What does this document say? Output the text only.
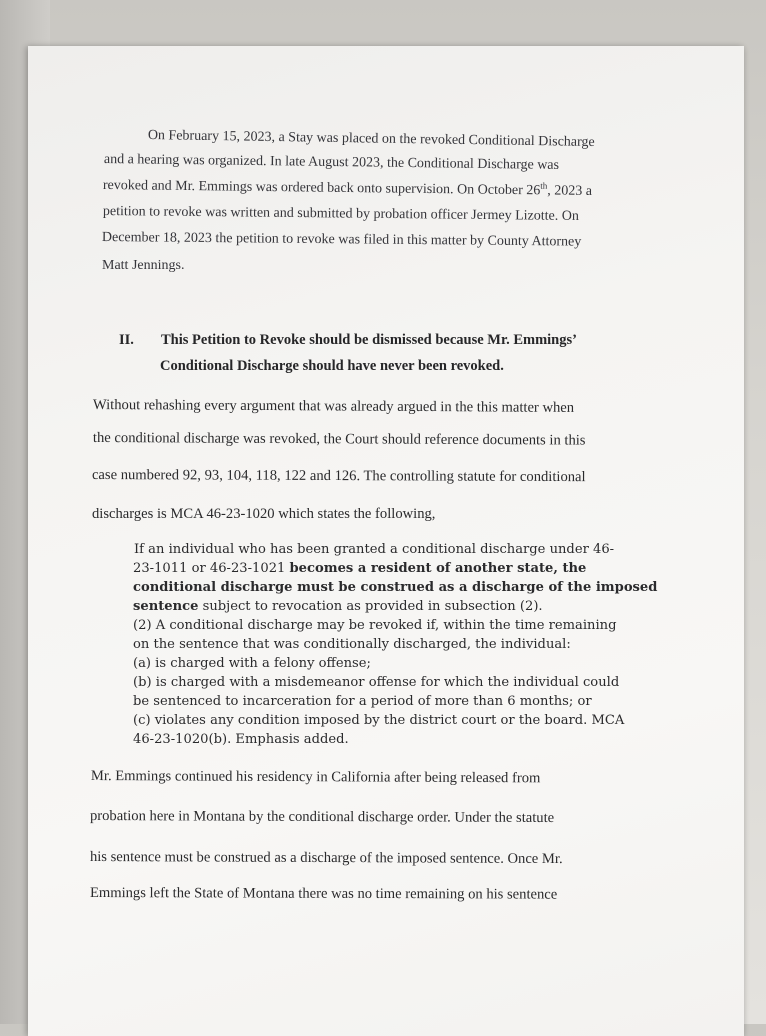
On February 15, 2023, a Stay was placed on the revoked Conditional Discharge
and a hearing was organized. In late August 2023, the Conditional Discharge was
revoked and Mr. Emmings was ordered back onto supervision. On October 26th, 2023 a
petition to revoke was written and submitted by probation officer Jermey Lizotte. On
December 18, 2023 the petition to revoke was filed in this matter by County Attorney
Matt Jennings.
II. This Petition to Revoke should be dismissed because Mr. Emmings’
Conditional Discharge should have never been revoked.
Without rehashing every argument that was already argued in the this matter when
the conditional discharge was revoked, the Court should reference documents in this
case numbered 92, 93, 104, 118, 122 and 126. The controlling statute for conditional
discharges is MCA 46-23-1020 which states the following,
If an individual who has been granted a conditional discharge under 46-
23-1011 or 46-23-1021 becomes a resident of another state, the
conditional discharge must be construed as a discharge of the imposed
sentence subject to revocation as provided in subsection (2).
(2) A conditional discharge may be revoked if, within the time remaining
on the sentence that was conditionally discharged, the individual:
(a) is charged with a felony offense;
(b) is charged with a misdemeanor offense for which the individual could
be sentenced to incarceration for a period of more than 6 months; or
(c) violates any condition imposed by the district court or the board. MCA
46-23-1020(b). Emphasis added.
Mr. Emmings continued his residency in California after being released from
probation here in Montana by the conditional discharge order. Under the statute
his sentence must be construed as a discharge of the imposed sentence. Once Mr.
Emmings left the State of Montana there was no time remaining on his sentence
